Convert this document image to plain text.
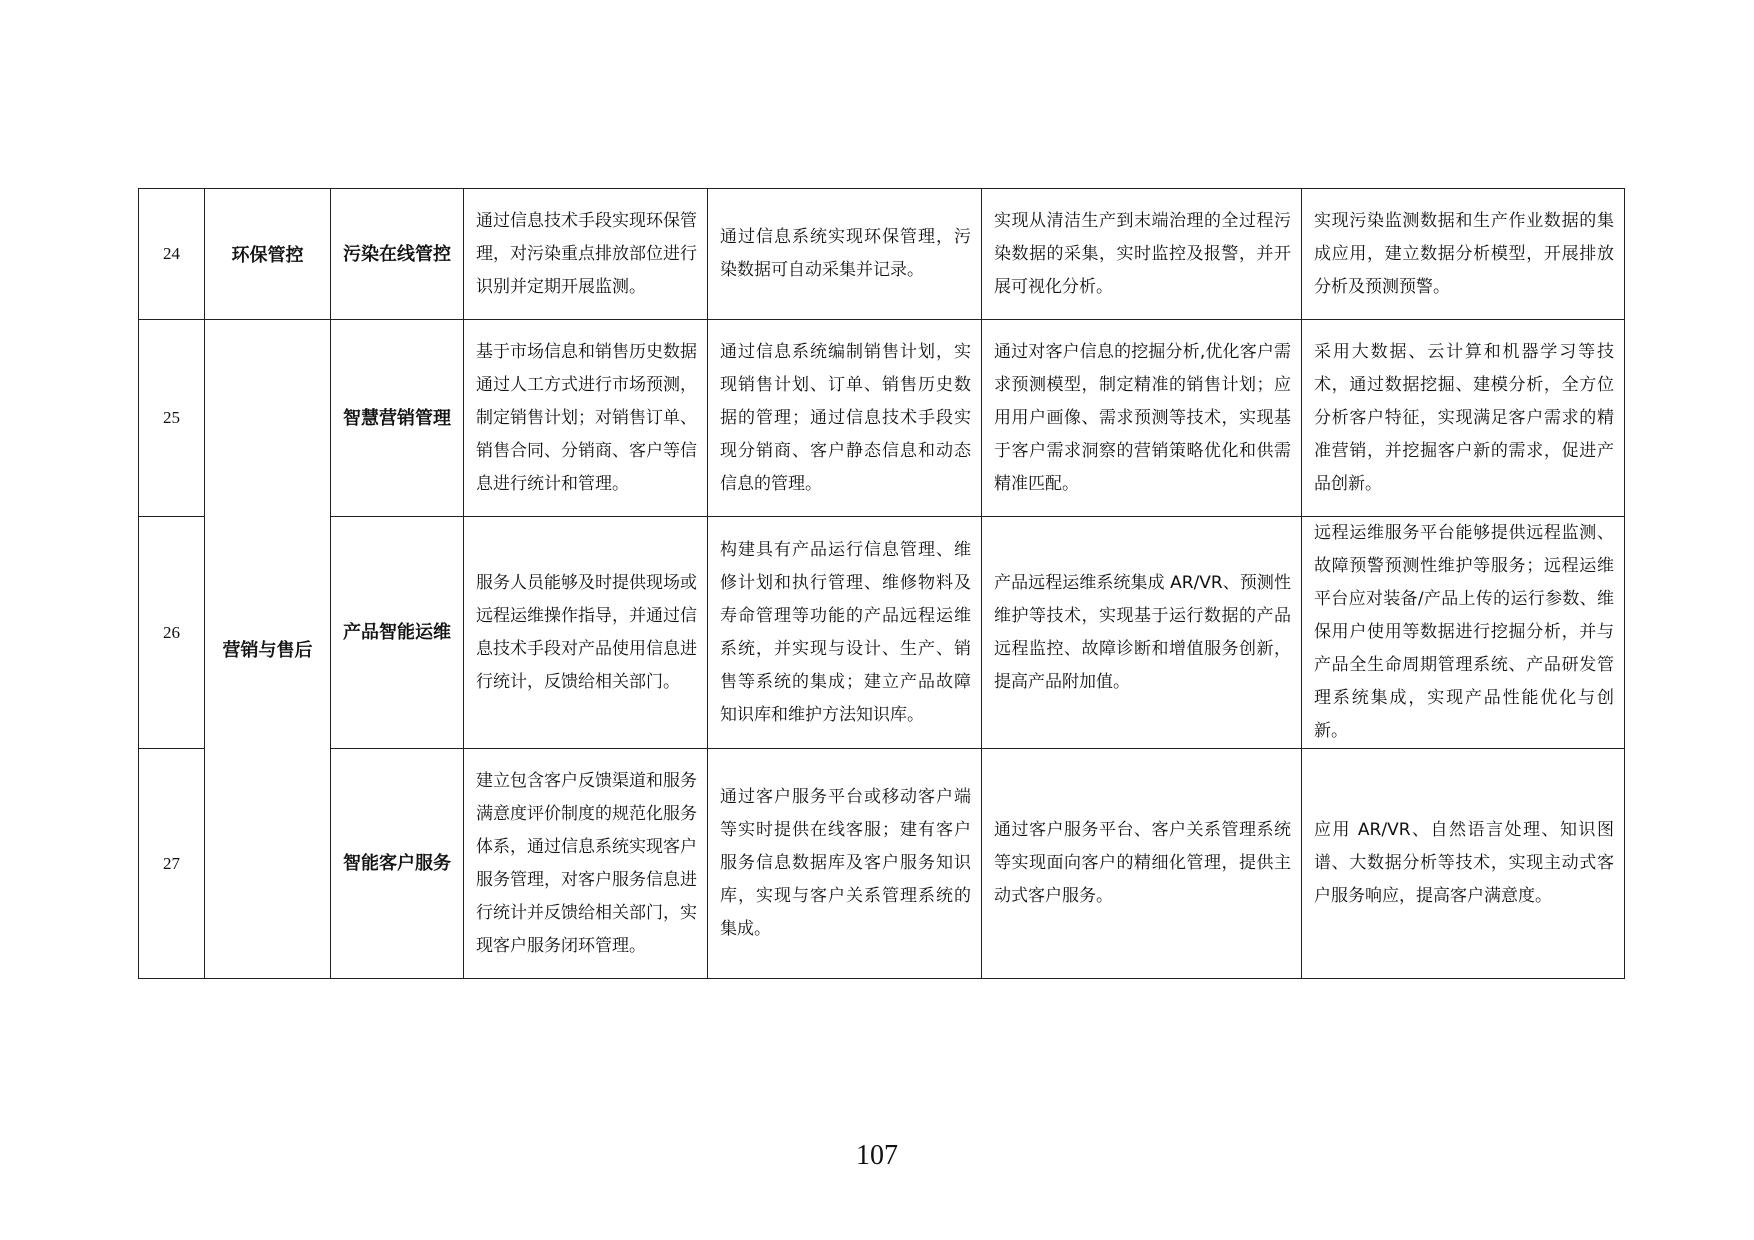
24	环保管控	污染在线管控	通过信息技术手段实现环保管理，对污染重点排放部位进行识别并定期开展监测。	通过信息系统实现环保管理，污染数据可自动采集并记录。	实现从清洁生产到末端治理的全过程污染数据的采集，实时监控及报警，并开展可视化分析。	实现污染监测数据和生产作业数据的集成应用，建立数据分析模型，开展排放分析及预测预警。
25	营销与售后	智慧营销管理	基于市场信息和销售历史数据通过人工方式进行市场预测，制定销售计划；对销售订单、销售合同、分销商、客户等信息进行统计和管理。	通过信息系统编制销售计划，实现销售计划、订单、销售历史数据的管理；通过信息技术手段实现分销商、客户静态信息和动态信息的管理。	通过对客户信息的挖掘分析,优化客户需求预测模型，制定精准的销售计划；应用用户画像、需求预测等技术，实现基于客户需求洞察的营销策略优化和供需精准匹配。	采用大数据、云计算和机器学习等技术，通过数据挖掘、建模分析，全方位分析客户特征，实现满足客户需求的精准营销，并挖掘客户新的需求，促进产品创新。
26		产品智能运维	服务人员能够及时提供现场或远程运维操作指导，并通过信息技术手段对产品使用信息进行统计，反馈给相关部门。	构建具有产品运行信息管理、维修计划和执行管理、维修物料及寿命管理等功能的产品远程运维系统，并实现与设计、生产、销售等系统的集成；建立产品故障知识库和维护方法知识库。	产品远程运维系统集成 AR/VR、预测性维护等技术，实现基于运行数据的产品远程监控、故障诊断和增值服务创新，提高产品附加值。	远程运维服务平台能够提供远程监测、故障预警预测性维护等服务；远程运维平台应对装备/产品上传的运行参数、维保用户使用等数据进行挖掘分析，并与产品全生命周期管理系统、产品研发管理系统集成，实现产品性能优化与创新。
27		智能客户服务	建立包含客户反馈渠道和服务满意度评价制度的规范化服务体系，通过信息系统实现客户服务管理，对客户服务信息进行统计并反馈给相关部门，实现客户服务闭环管理。	通过客户服务平台或移动客户端等实时提供在线客服；建有客户服务信息数据库及客户服务知识库，实现与客户关系管理系统的集成。	通过客户服务平台、客户关系管理系统等实现面向客户的精细化管理，提供主动式客户服务。	应用 AR/VR、自然语言处理、知识图谱、大数据分析等技术，实现主动式客户服务响应，提高客户满意度。
107
